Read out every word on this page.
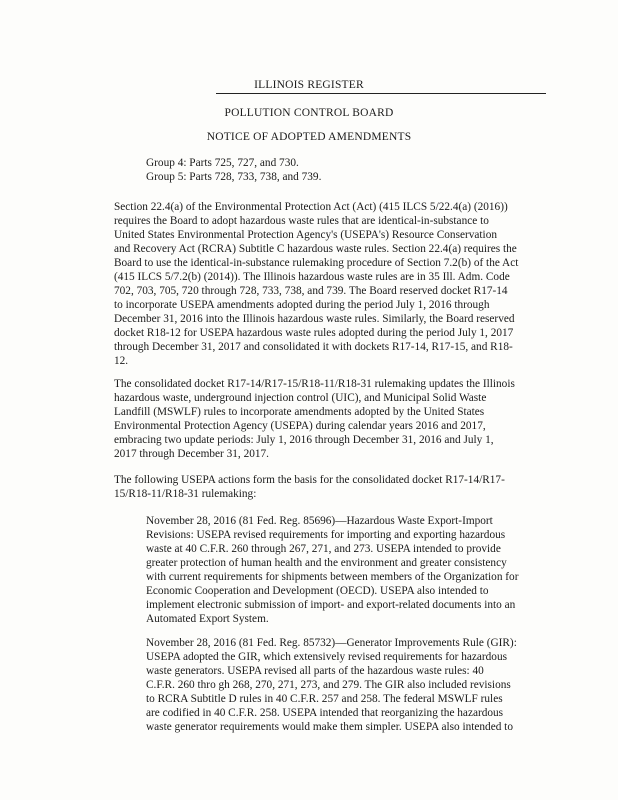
ILLINOIS REGISTER
POLLUTION CONTROL BOARD
NOTICE OF ADOPTED AMENDMENTS
Group 4: Parts 725, 727, and 730.
Group 5: Parts 728, 733, 738, and 739.
Section 22.4(a) of the Environmental Protection Act (Act) (415 ILCS 5/22.4(a) (2016))
requires the Board to adopt hazardous waste rules that are identical-in-substance to
United States Environmental Protection Agency's (USEPA's) Resource Conservation
and Recovery Act (RCRA) Subtitle C hazardous waste rules. Section 22.4(a) requires the
Board to use the identical-in-substance rulemaking procedure of Section 7.2(b) of the Act
(415 ILCS 5/7.2(b) (2014)). The Illinois hazardous waste rules are in 35 Ill. Adm. Code
702, 703, 705, 720 through 728, 733, 738, and 739. The Board reserved docket R17-14
to incorporate USEPA amendments adopted during the period July 1, 2016 through
December 31, 2016 into the Illinois hazardous waste rules. Similarly, the Board reserved
docket R18-12 for USEPA hazardous waste rules adopted during the period July 1, 2017
through December 31, 2017 and consolidated it with dockets R17-14, R17-15, and R18-
12.
The consolidated docket R17-14/R17-15/R18-11/R18-31 rulemaking updates the Illinois
hazardous waste, underground injection control (UIC), and Municipal Solid Waste
Landfill (MSWLF) rules to incorporate amendments adopted by the United States
Environmental Protection Agency (USEPA) during calendar years 2016 and 2017,
embracing two update periods: July 1, 2016 through December 31, 2016 and July 1,
2017 through December 31, 2017.
The following USEPA actions form the basis for the consolidated docket R17-14/R17-
15/R18-11/R18-31 rulemaking:
November 28, 2016 (81 Fed. Reg. 85696)—Hazardous Waste Export-Import
Revisions: USEPA revised requirements for importing and exporting hazardous
waste at 40 C.F.R. 260 through 267, 271, and 273. USEPA intended to provide
greater protection of human health and the environment and greater consistency
with current requirements for shipments between members of the Organization for
Economic Cooperation and Development (OECD). USEPA also intended to
implement electronic submission of import- and export-related documents into an
Automated Export System.
November 28, 2016 (81 Fed. Reg. 85732)—Generator Improvements Rule (GIR):
USEPA adopted the GIR, which extensively revised requirements for hazardous
waste generators. USEPA revised all parts of the hazardous waste rules: 40
C.F.R. 260 thro gh 268, 270, 271, 273, and 279. The GIR also included revisions
to RCRA Subtitle D rules in 40 C.F.R. 257 and 258. The federal MSWLF rules
are codified in 40 C.F.R. 258. USEPA intended that reorganizing the hazardous
waste generator requirements would make them simpler. USEPA also intended to
